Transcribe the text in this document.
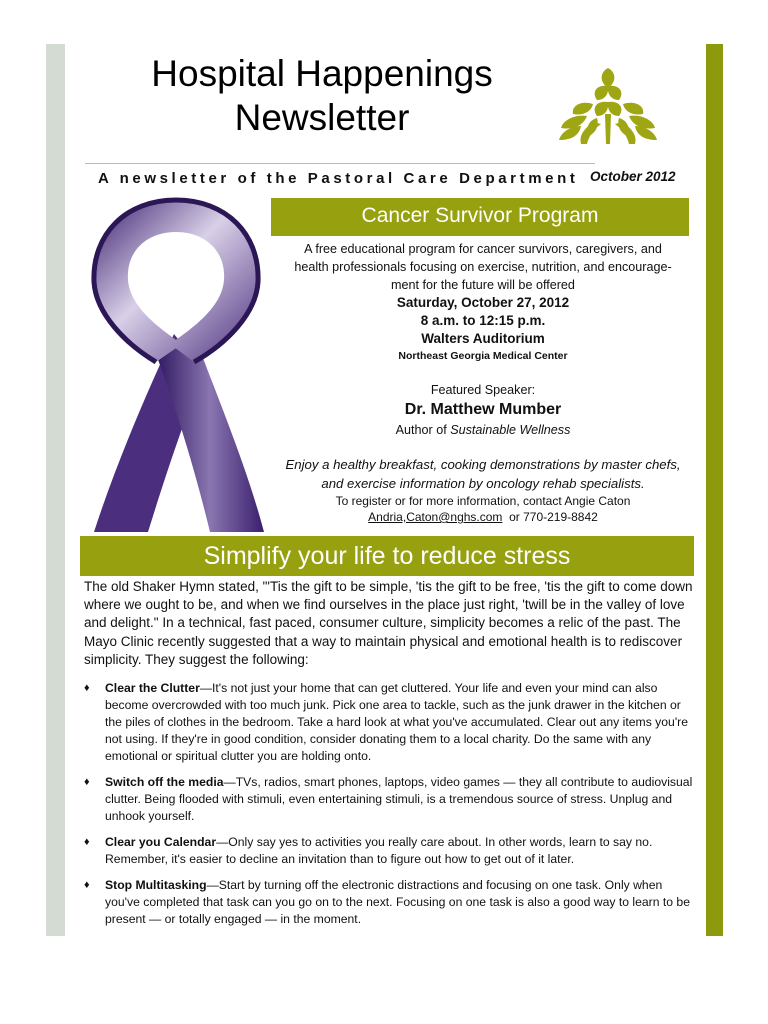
Hospital Happenings
Newsletter
A newsletter of the Pastoral Care Department October 2012
Cancer Survivor Program
A free educational program for cancer survivors, caregivers, and
health professionals focusing on exercise, nutrition, and encourage-
ment for the future will be offered
Saturday, October 27, 2012
8 a.m. to 12:15 p.m.
Walters Auditorium
Northeast Georgia Medical Center
Featured Speaker:
Dr. Matthew Mumber
Author of Sustainable Wellness
Enjoy a healthy breakfast, cooking demonstrations by master chefs,
and exercise information by oncology rehab specialists.
To register or for more information, contact Angie Caton
Andria,Caton@nghs.com  or 770-219-8842
Simplify your life to reduce stress

The old Shaker Hymn stated, "'Tis the gift to be simple, 'tis the gift to be free, 'tis the gift to come down where we ought to be, and when we find ourselves in the place just right, 'twill be in the valley of love and delight." In a technical, fast paced, consumer culture, simplicity becomes a relic of the past. The Mayo Clinic recently suggested that a way to maintain physical and emotional health is to rediscover simplicity. They suggest the following:

♦ Clear the Clutter—It's not just your home that can get cluttered. Your life and even your mind can also become overcrowded with too much junk. Pick one area to tackle, such as the junk drawer in the kitchen or the piles of clothes in the bedroom. Take a hard look at what you've accumulated. Clear out any items you're not using. If they're in good condition, consider donating them to a local charity. Do the same with any emotional or spiritual clutter you are holding onto.
♦ Switch off the media—TVs, radios, smart phones, laptops, video games — they all contribute to audiovisual clutter. Being flooded with stimuli, even entertaining stimuli, is a tremendous source of stress. Unplug and unhook yourself.
♦ Clear you Calendar—Only say yes to activities you really care about. In other words, learn to say no. Remember, it's easier to decline an invitation than to figure out how to get out of it later.
♦ Stop Multitasking—Start by turning off the electronic distractions and focusing on one task. Only when you've completed that task can you go on to the next. Focusing on one task is also a good way to learn to be present — or totally engaged — in the moment.
